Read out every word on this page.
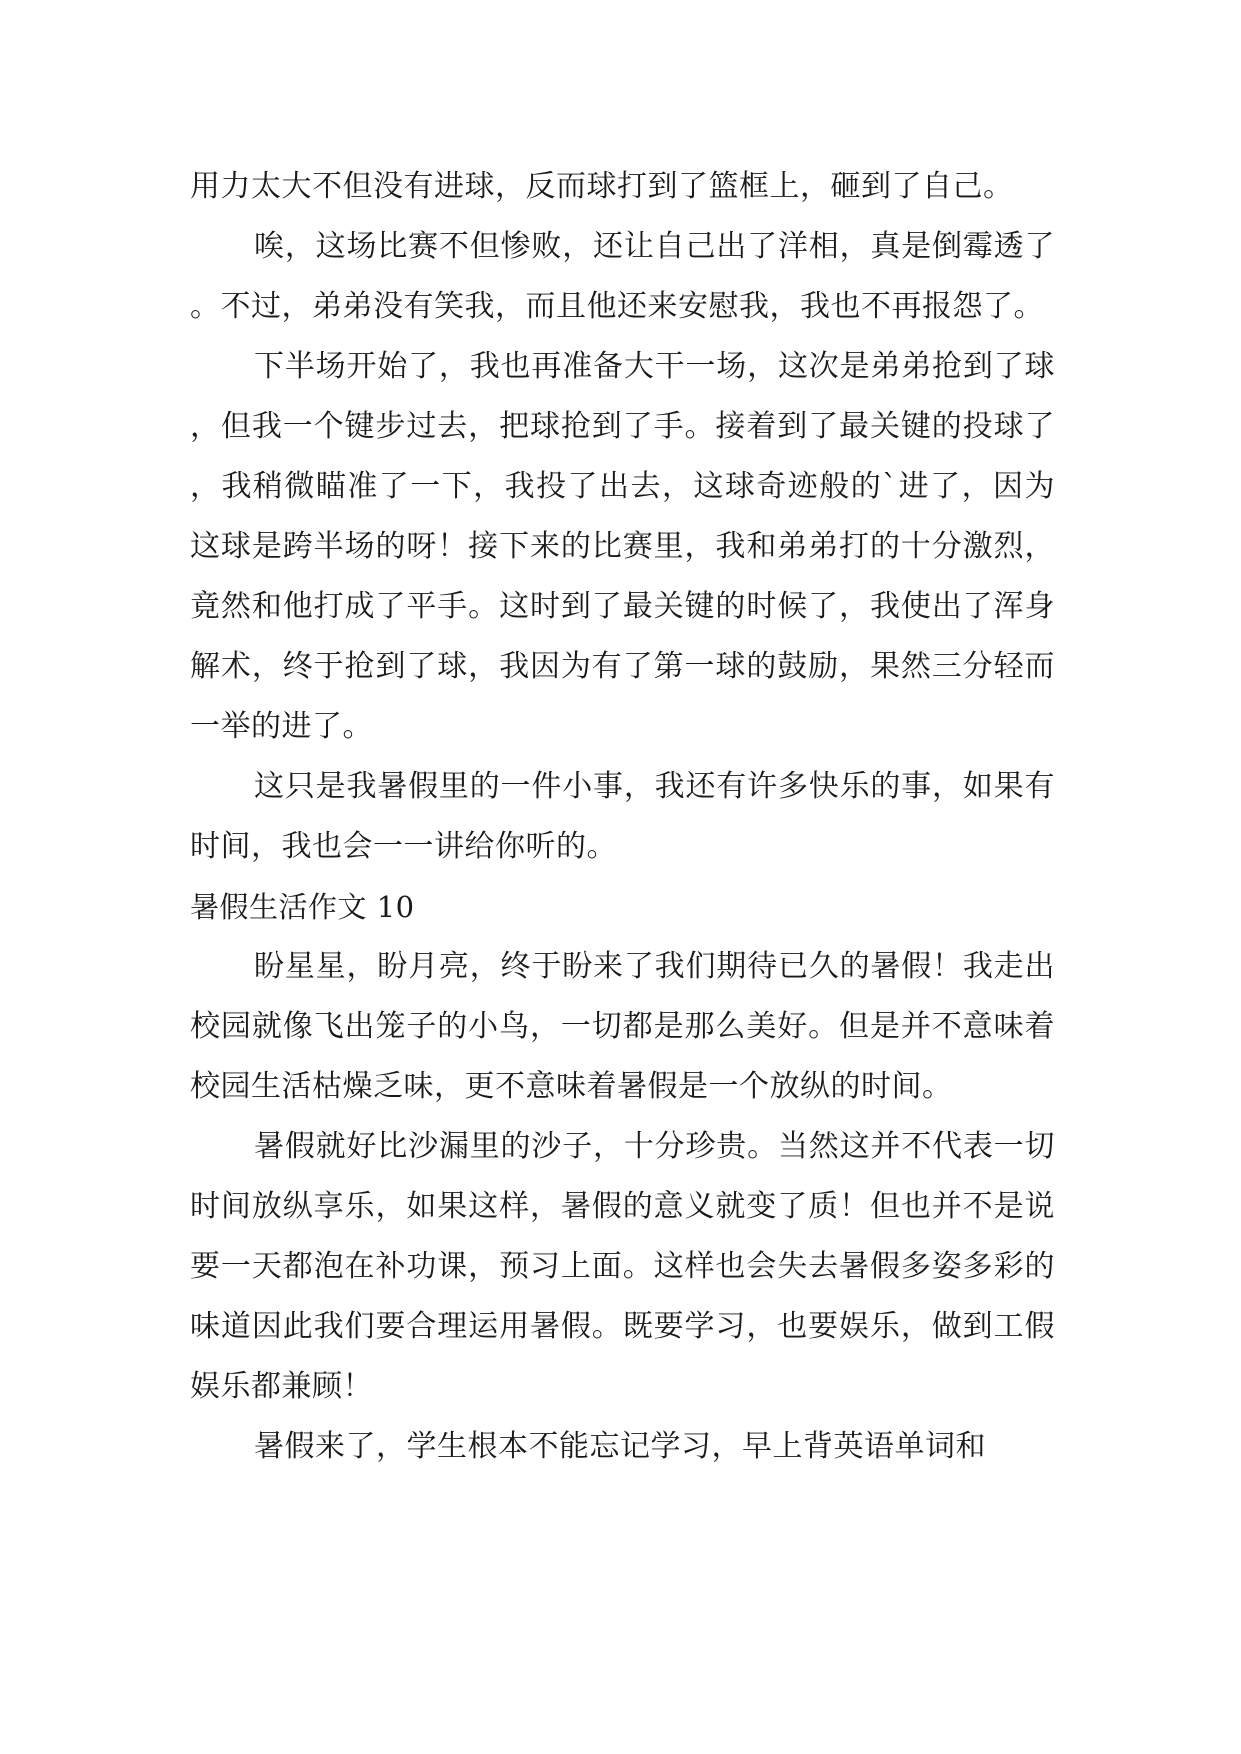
用力太大不但没有进球，反而球打到了篮框上，砸到了自己。

唉，这场比赛不但惨败，还让自己出了洋相，真是倒霉透了。不过，弟弟没有笑我，而且他还来安慰我，我也不再报怨了。

下半场开始了，我也再准备大干一场，这次是弟弟抢到了球，但我一个键步过去，把球抢到了手。接着到了最关键的投球了，我稍微瞄准了一下，我投了出去，这球奇迹般的`进了，因为这球是跨半场的呀！接下来的比赛里，我和弟弟打的十分激烈，竟然和他打成了平手。这时到了最关键的时候了，我使出了浑身解术，终于抢到了球，我因为有了第一球的鼓励，果然三分轻而一举的进了。

这只是我暑假里的一件小事，我还有许多快乐的事，如果有时间，我也会一一讲给你听的。

暑假生活作文 10

盼星星，盼月亮，终于盼来了我们期待已久的暑假！我走出校园就像飞出笼子的小鸟，一切都是那么美好。但是并不意味着校园生活枯燥乏味，更不意味着暑假是一个放纵的时间。

暑假就好比沙漏里的沙子，十分珍贵。当然这并不代表一切时间放纵享乐，如果这样，暑假的意义就变了质！但也并不是说要一天都泡在补功课，预习上面。这样也会失去暑假多姿多彩的味道因此我们要合理运用暑假。既要学习，也要娱乐，做到工假娱乐都兼顾！

暑假来了，学生根本不能忘记学习，早上背英语单词和
